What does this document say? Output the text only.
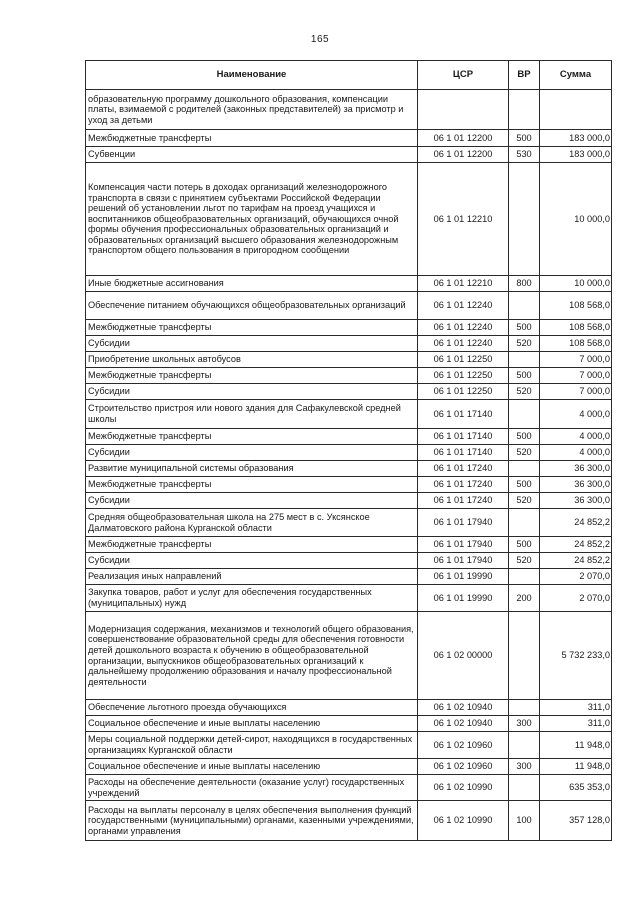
165
Наименование	ЦСР	ВР	Сумма
образовательную программу дошкольного образования, компенсации платы, взимаемой с родителей (законных представителей) за присмотр и уход за детьми			
Межбюджетные трансферты	06 1 01 12200	500	183 000,0
Субвенции	06 1 01 12200	530	183 000,0
Компенсация части потерь в доходах организаций железнодорожного транспорта в связи с принятием субъектами Российской Федерации решений об установлении льгот по тарифам на проезд учащихся и воспитанников общеобразовательных организаций, обучающихся очной формы обучения профессиональных образовательных организаций и образовательных организаций высшего образования железнодорожным транспортом общего пользования в пригородном сообщении	06 1 01 12210		10 000,0
Иные бюджетные ассигнования	06 1 01 12210	800	10 000,0
Обеспечение питанием обучающихся общеобразовательных организаций	06 1 01 12240		108 568,0
Межбюджетные трансферты	06 1 01 12240	500	108 568,0
Субсидии	06 1 01 12240	520	108 568,0
Приобретение школьных автобусов	06 1 01 12250		7 000,0
Межбюджетные трансферты	06 1 01 12250	500	7 000,0
Субсидии	06 1 01 12250	520	7 000,0
Строительство пристроя или нового здания для Сафакулевской средней школы	06 1 01 17140		4 000,0
Межбюджетные трансферты	06 1 01 17140	500	4 000,0
Субсидии	06 1 01 17140	520	4 000,0
Развитие муниципальной системы образования	06 1 01 17240		36 300,0
Межбюджетные трансферты	06 1 01 17240	500	36 300,0
Субсидии	06 1 01 17240	520	36 300,0
Средняя общеобразовательная школа на 275 мест в с. Уксянское Далматовского района Курганской области	06 1 01 17940		24 852,2
Межбюджетные трансферты	06 1 01 17940	500	24 852,2
Субсидии	06 1 01 17940	520	24 852,2
Реализация иных направлений	06 1 01 19990		2 070,0
Закупка товаров, работ и услуг для обеспечения государственных (муниципальных) нужд	06 1 01 19990	200	2 070,0
Модернизация содержания, механизмов и технологий общего образования, совершенствование образовательной среды для обеспечения готовности детей дошкольного возраста к обучению в общеобразовательной организации, выпускников общеобразовательных организаций к дальнейшему продолжению образования и началу профессиональной деятельности	06 1 02 00000		5 732 233,0
Обеспечение льготного проезда обучающихся	06 1 02 10940		311,0
Социальное обеспечение и иные выплаты населению	06 1 02 10940	300	311,0
Меры социальной поддержки детей-сирот, находящихся в государственных организациях Курганской области	06 1 02 10960		11 948,0
Социальное обеспечение и иные выплаты населению	06 1 02 10960	300	11 948,0
Расходы на обеспечение деятельности (оказание услуг) государственных учреждений	06 1 02 10990		635 353,0
Расходы на выплаты персоналу в целях обеспечения выполнения функций государственными (муниципальными) органами, казенными учреждениями, органами управления	06 1 02 10990	100	357 128,0
